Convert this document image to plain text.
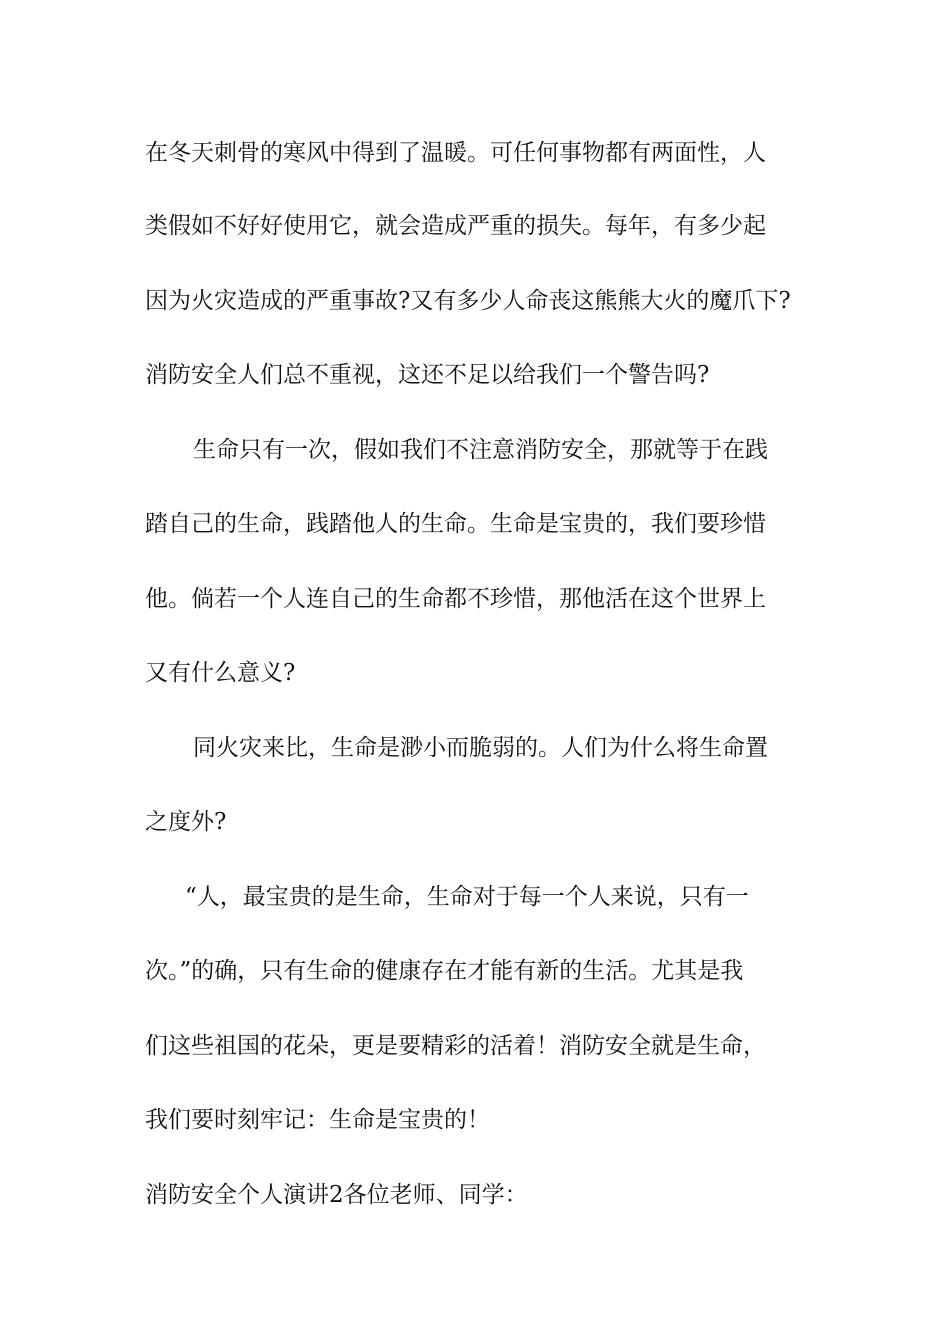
在冬天刺骨的寒风中得到了温暖。可任何事物都有两面性，人
类假如不好好使用它，就会造成严重的损失。每年，有多少起
因为火灾造成的严重事故?又有多少人命丧这熊熊大火的魔爪下?
消防安全人们总不重视，这还不足以给我们一个警告吗?
生命只有一次，假如我们不注意消防安全，那就等于在践
踏自己的生命，践踏他人的生命。生命是宝贵的，我们要珍惜
他。倘若一个人连自己的生命都不珍惜，那他活在这个世界上
又有什么意义?
同火灾来比，生命是渺小而脆弱的。人们为什么将生命置
之度外?
“人，最宝贵的是生命，生命对于每一个人来说，只有一
次。”的确，只有生命的健康存在才能有新的生活。尤其是我
们这些祖国的花朵，更是要精彩的活着！消防安全就是生命，
我们要时刻牢记：生命是宝贵的！
消防安全个人演讲2各位老师、同学：
